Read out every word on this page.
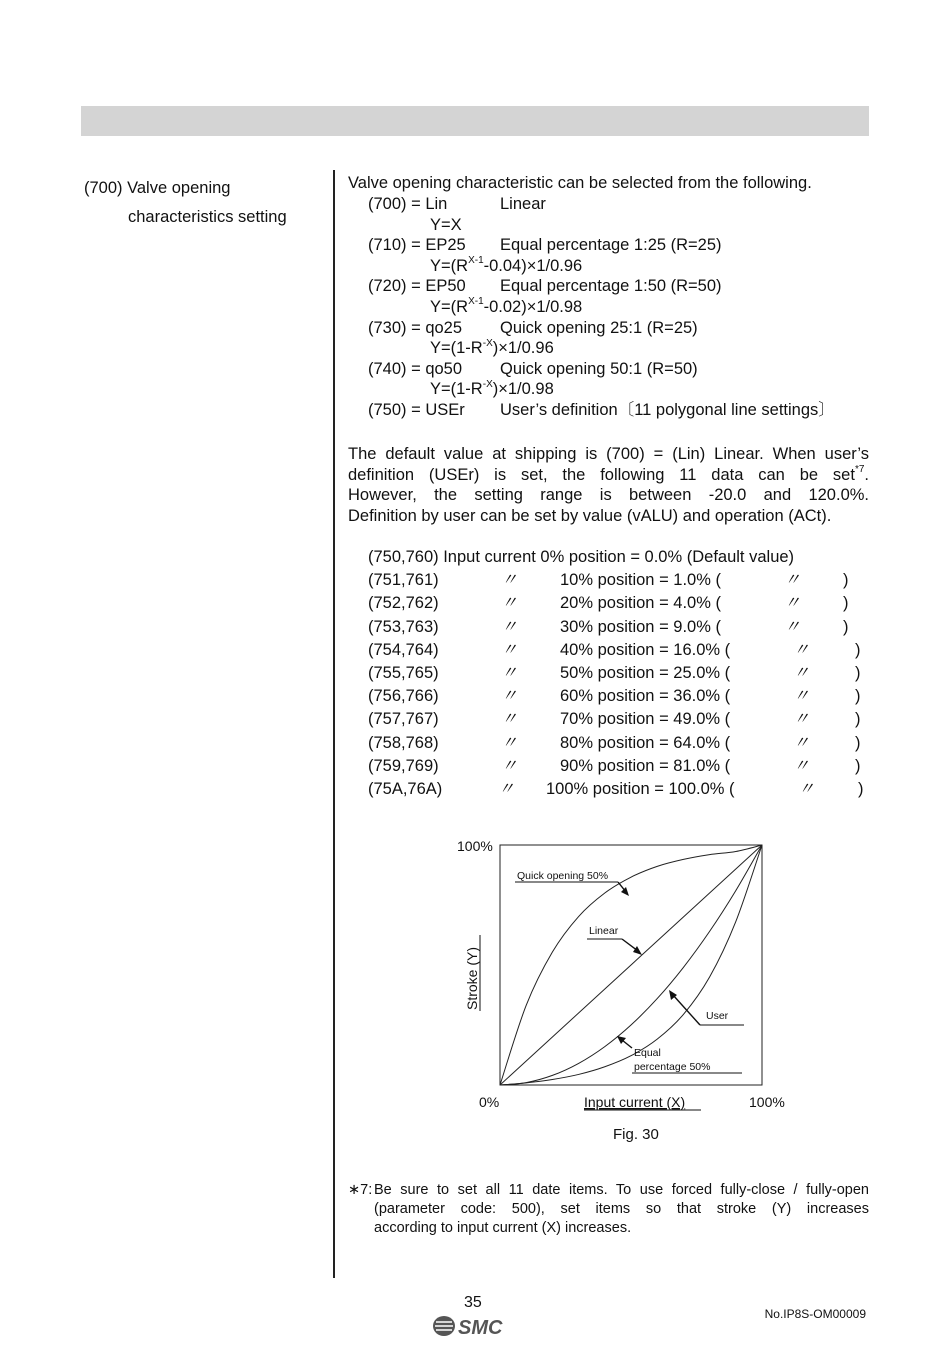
(700) Valve opening
characteristics setting
Valve opening characteristic can be selected from the following.
(700) = Lin	Linear
Y=X
(710) = EP25 Equal percentage 1:25 (R=25)
$Y=(R^{X-1}-0.04)\times 1/0.96$
(720) = EP50 Equal percentage 1:50 (R=50)
$Y=(R^{X-1}-0.02)\times 1/0.98$
(730) = qo25 Quick opening 25:1 (R=25)
$Y=(1-R^{-X})\times 1/0.96$
(740) = qo50 Quick opening 50:1 (R=50)
$Y=(1-R^{-X})\times 1/0.98$
(750) = USEr User’s definition〔11 polygonal line settings〕
The default value at shipping is (700) = (Lin) Linear. When user’s
definition (USEr) is set, the following 11 data can be set$^{*7}$.
However, the setting range is between -20.0 and 120.0%.
Definition by user can be set by value (vALU) and operation (ACt).
(750,760) Input current 0% position = 0.0% (Default value)
(751,761)	〃	10% position = 1.0% (	〃	)
(752,762)	〃	20% position = 4.0% (	〃	)
(753,763)	〃	30% position = 9.0% (	〃	)
(754,764)	〃	40% position = 16.0% (	〃	)
(755,765)	〃	50% position = 25.0% (	〃	)
(756,766)	〃	60% position = 36.0% (	〃	)
(757,767)	〃	70% position = 49.0% (	〃	)
(758,768)	〃	80% position = 64.0% (	〃	)
(759,769)	〃	90% position = 81.0% (	〃	)
(75A,76A)	〃 100% position = 100.0% (	〃	)
100%
0%	100%
Input current (X)
Stroke (Y)
Quick opening 50%
Linear
User
Equal
percentage 50%
Fig. 30
∗7: Be sure to set all 11 date items. To use forced fully-close / fully-open
(parameter code: 500), set items so that stroke (Y) increases
according to input current (X) increases.
35
SMC
No.IP8S-OM00009
